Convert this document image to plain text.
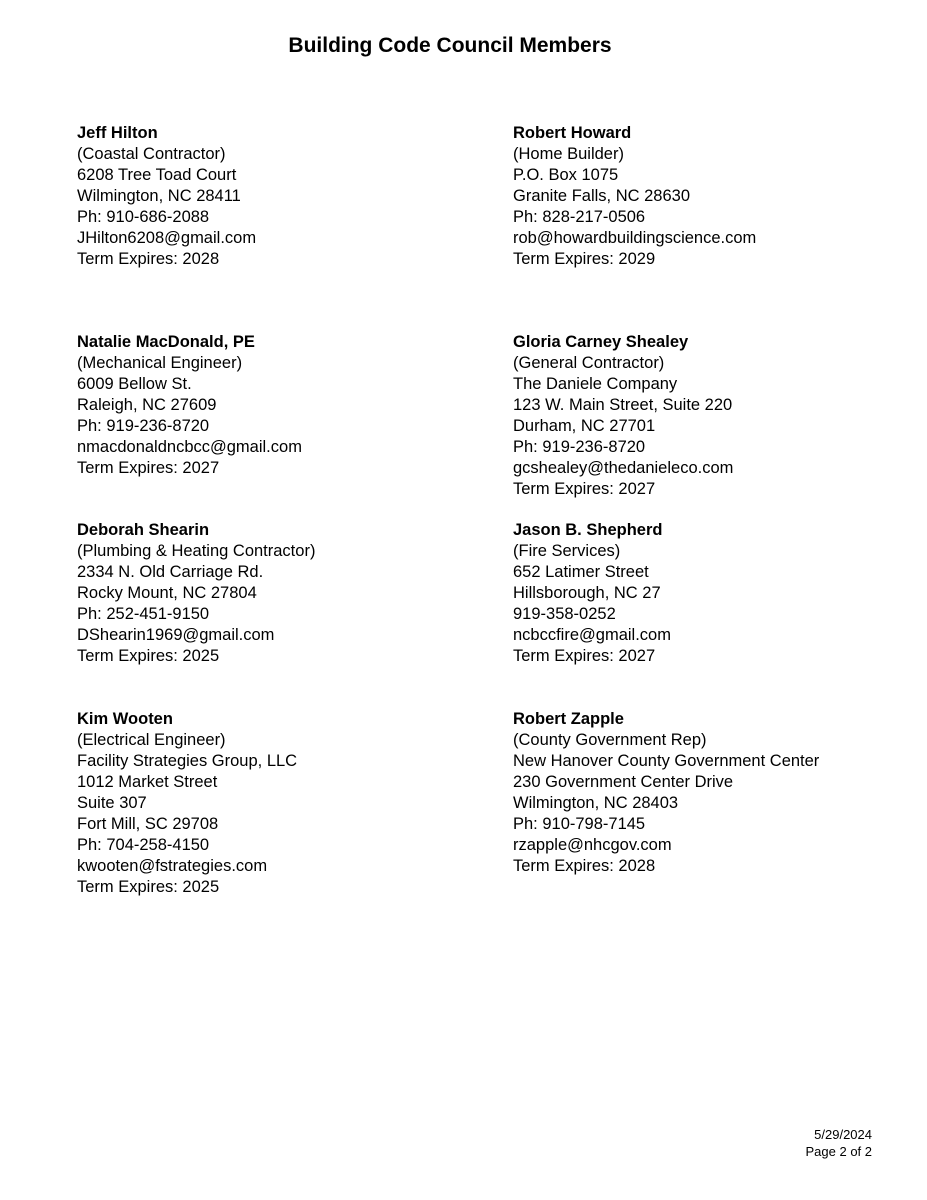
Building Code Council Members
Jeff Hilton
(Coastal Contractor)
6208 Tree Toad Court
Wilmington, NC 28411
Ph: 910-686-2088
JHilton6208@gmail.com
Term Expires: 2028
Robert Howard
(Home Builder)
P.O. Box 1075
Granite Falls, NC 28630
Ph: 828-217-0506
rob@howardbuildingscience.com
Term Expires: 2029
Natalie MacDonald, PE
(Mechanical Engineer)
6009 Bellow St.
Raleigh, NC 27609
Ph: 919-236-8720
nmacdonaldncbcc@gmail.com
Term Expires: 2027
Gloria Carney Shealey
(General Contractor)
The Daniele Company
123 W. Main Street, Suite 220
Durham, NC 27701
Ph: 919-236-8720
gcshealey@thedanieleco.com
Term Expires: 2027
Deborah Shearin
(Plumbing & Heating Contractor)
2334 N. Old Carriage Rd.
Rocky Mount, NC 27804
Ph: 252-451-9150
DShearin1969@gmail.com
Term Expires: 2025
Jason B. Shepherd
(Fire Services)
652 Latimer Street
Hillsborough, NC 27
919-358-0252
ncbccfire@gmail.com
Term Expires: 2027
Kim Wooten
(Electrical Engineer)
Facility Strategies Group, LLC
1012 Market Street
Suite 307
Fort Mill, SC 29708
Ph: 704-258-4150
kwooten@fstrategies.com
Term Expires: 2025
Robert Zapple
(County Government Rep)
New Hanover County Government Center
230 Government Center Drive
Wilmington, NC 28403
Ph: 910-798-7145
rzapple@nhcgov.com
Term Expires: 2028
5/29/2024
Page 2 of 2
